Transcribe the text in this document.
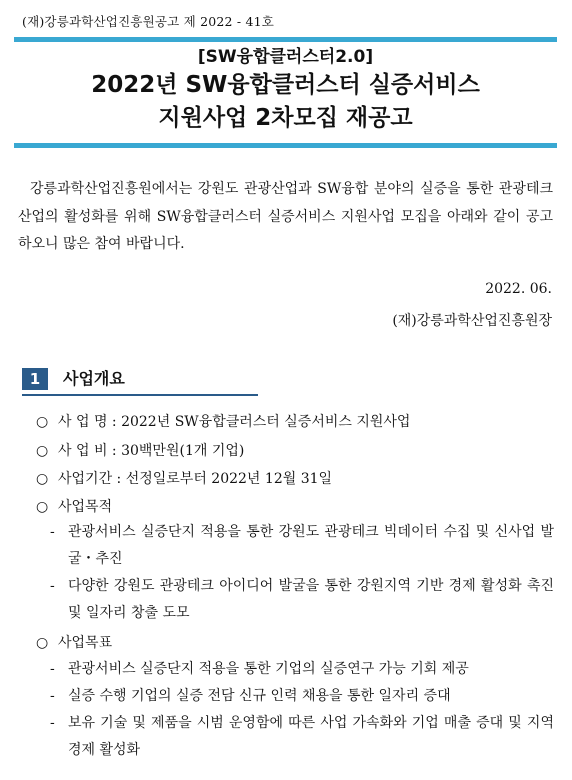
(재)강릉과학산업진흥원공고 제 2022 - 41호
[SW융합클러스터2.0]
2022년 SW융합클러스터 실증서비스
지원사업 2차모집 재공고

강릉과학산업진흥원에서는 강원도 관광산업과 SW융합 분야의 실증을 통한 관광테크 산업의 활성화를 위해 SW융합클러스터 실증서비스 지원사업 모집을 아래와 같이 공고하오니 많은 참여 바랍니다.

2022. 06.
(재)강릉과학산업진흥원장
1	사업개요
○ 사 업 명 : 2022년 SW융합클러스터 실증서비스 지원사업
○ 사 업 비 : 30백만원(1개 기업)
○ 사업기간 : 선정일로부터 2022년 12월 31일
○ 사업목적
- 관광서비스 실증단지 적용을 통한 강원도 관광테크 빅데이터 수집 및 신사업 발굴・추진
- 다양한 강원도 관광테크 아이디어 발굴을 통한 강원지역 기반 경제 활성화 촉진 및 일자리 창출 도모
○ 사업목표
- 관광서비스 실증단지 적용을 통한 기업의 실증연구 가능 기회 제공
- 실증 수행 기업의 실증 전담 신규 인력 채용을 통한 일자리 증대
- 보유 기술 및 제품을 시범 운영함에 따른 사업 가속화와 기업 매출 증대 및 지역경제 활성화
